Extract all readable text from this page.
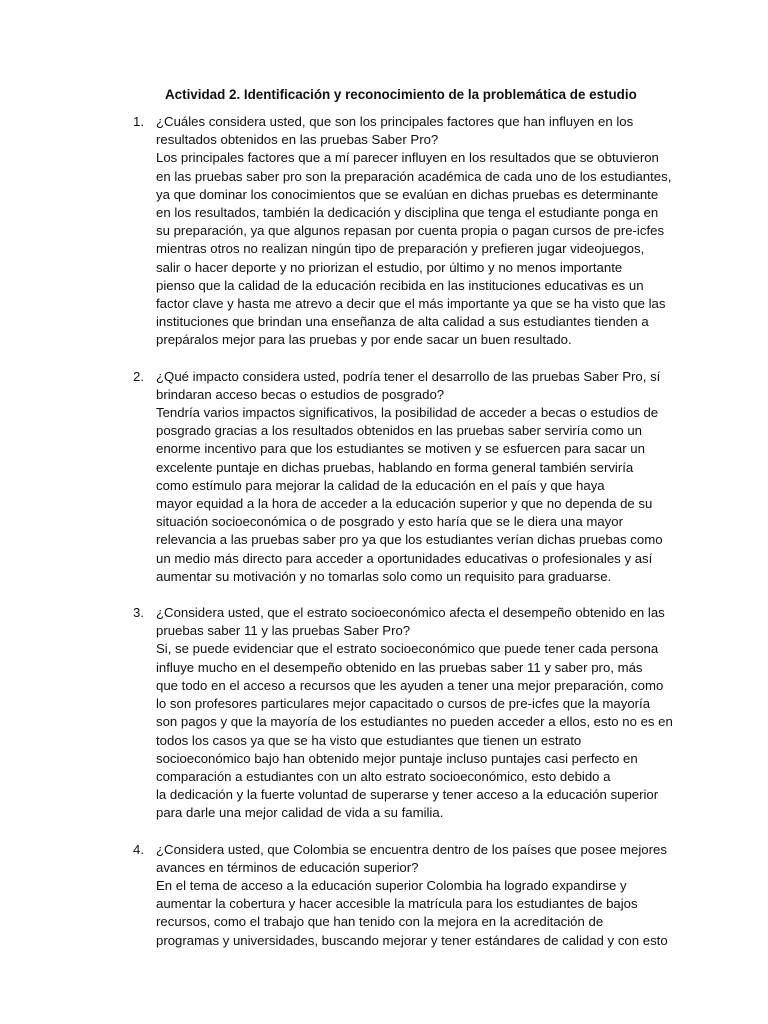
Actividad 2. Identificación y reconocimiento de la problemática de estudio
1. ¿Cuáles considera usted, que son los principales factores que han influyen en los
resultados obtenidos en las pruebas Saber Pro?
Los principales factores que a mí parecer influyen en los resultados que se obtuvieron
en las pruebas saber pro son la preparación académica de cada uno de los estudiantes,
ya que dominar los conocimientos que se evalúan en dichas pruebas es determinante
en los resultados, también la dedicación y disciplina que tenga el estudiante ponga en
su preparación, ya que algunos repasan por cuenta propia o pagan cursos de pre-icfes
mientras otros no realizan ningún tipo de preparación y prefieren jugar videojuegos,
salir o hacer deporte y no priorizan el estudio, por último y no menos importante
pienso que la calidad de la educación recibida en las instituciones educativas es un
factor clave y hasta me atrevo a decir que el más importante ya que se ha visto que las
instituciones que brindan una enseñanza de alta calidad a sus estudiantes tienden a
prepáralos mejor para las pruebas y por ende sacar un buen resultado.
2. ¿Qué impacto considera usted, podría tener el desarrollo de las pruebas Saber Pro, sí
brindaran acceso becas o estudios de posgrado?
Tendría varios impactos significativos, la posibilidad de acceder a becas o estudios de
posgrado gracias a los resultados obtenidos en las pruebas saber serviría como un
enorme incentivo para que los estudiantes se motiven y se esfuercen para sacar un
excelente puntaje en dichas pruebas, hablando en forma general también serviría
como estímulo para mejorar la calidad de la educación en el país y que haya
mayor equidad a la hora de acceder a la educación superior y que no dependa de su
situación socioeconómica o de posgrado y esto haría que se le diera una mayor
relevancia a las pruebas saber pro ya que los estudiantes verían dichas pruebas como
un medio más directo para acceder a oportunidades educativas o profesionales y así
aumentar su motivación y no tomarlas solo como un requisito para graduarse.
3. ¿Considera usted, que el estrato socioeconómico afecta el desempeño obtenido en las
pruebas saber 11 y las pruebas Saber Pro?
Si, se puede evidenciar que el estrato socioeconómico que puede tener cada persona
influye mucho en el desempeño obtenido en las pruebas saber 11 y saber pro, más
que todo en el acceso a recursos que les ayuden a tener una mejor preparación, como
lo son profesores particulares mejor capacitado o cursos de pre-icfes que la mayoría
son pagos y que la mayoría de los estudiantes no pueden acceder a ellos, esto no es en
todos los casos ya que se ha visto que estudiantes que tienen un estrato
socioeconómico bajo han obtenido mejor puntaje incluso puntajes casi perfecto en
comparación a estudiantes con un alto estrato socioeconómico, esto debido a
la dedicación y la fuerte voluntad de superarse y tener acceso a la educación superior
para darle una mejor calidad de vida a su familia.
4. ¿Considera usted, que Colombia se encuentra dentro de los países que posee mejores
avances en términos de educación superior?
En el tema de acceso a la educación superior Colombia ha logrado expandirse y
aumentar la cobertura y hacer accesible la matrícula para los estudiantes de bajos
recursos, como el trabajo que han tenido con la mejora en la acreditación de
programas y universidades, buscando mejorar y tener estándares de calidad y con esto
